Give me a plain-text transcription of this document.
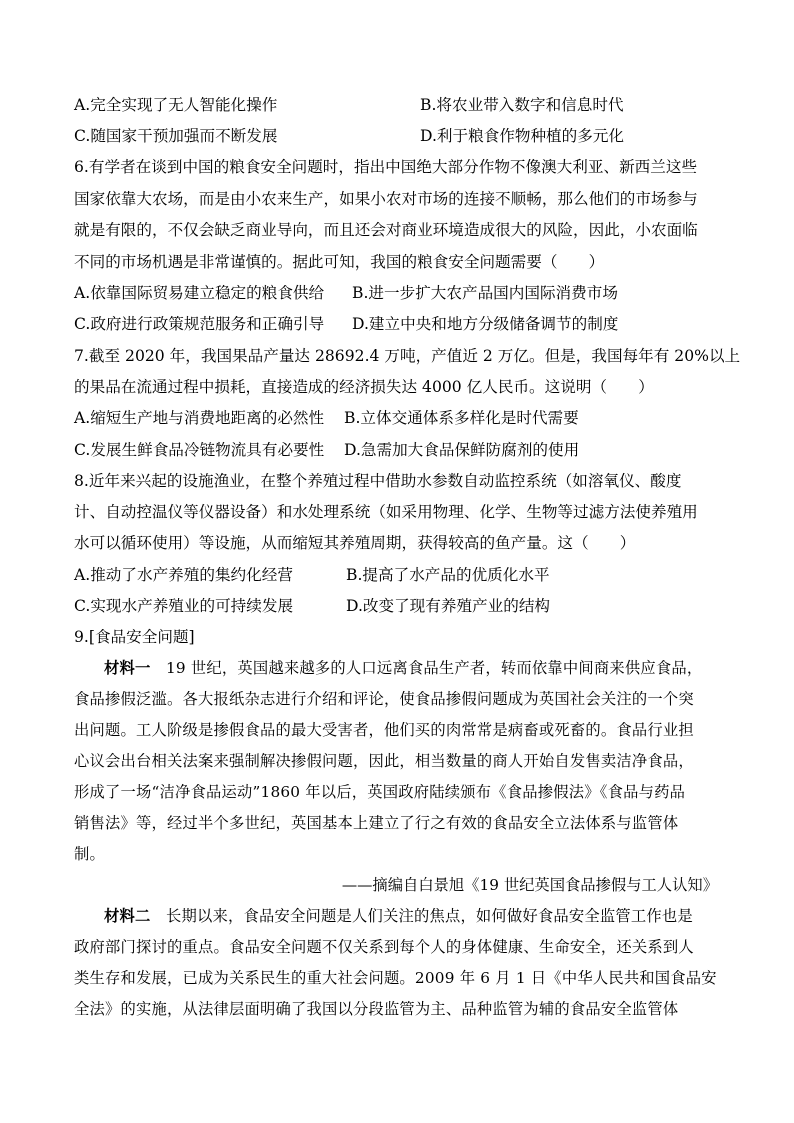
A.完全实现了无人智能化操作	B.将农业带入数字和信息时代
C.随国家干预加强而不断发展	D.利于粮食作物种植的多元化
6.有学者在谈到中国的粮食安全问题时，指出中国绝大部分作物不像澳大利亚、新西兰这些
国家依靠大农场，而是由小农来生产，如果小农对市场的连接不顺畅，那么他们的市场参与
就是有限的，不仅会缺乏商业导向，而且还会对商业环境造成很大的风险，因此，小农面临
不同的市场机遇是非常谨慎的。据此可知，我国的粮食安全问题需要（　　）
A.依靠国际贸易建立稳定的粮食供给 B.进一步扩大农产品国内国际消费市场
C.政府进行政策规范服务和正确引导 D.建立中央和地方分级储备调节的制度
7.截至 2020 年，我国果品产量达 28692.4 万吨，产值近 2 万亿。但是，我国每年有 20%以上
的果品在流通过程中损耗，直接造成的经济损失达 4000 亿人民币。这说明（　　）
A.缩短生产地与消费地距离的必然性 B.立体交通体系多样化是时代需要
C.发展生鲜食品冷链物流具有必要性 D.急需加大食品保鲜防腐剂的使用
8.近年来兴起的设施渔业，在整个养殖过程中借助水参数自动监控系统（如溶氧仪、酸度
计、自动控温仪等仪器设备）和水处理系统（如采用物理、化学、生物等过滤方法使养殖用
水可以循环使用）等设施，从而缩短其养殖周期，获得较高的鱼产量。这（　　）
A.推动了水产养殖的集约化经营	B.提高了水产品的优质化水平
C.实现水产养殖业的可持续发展	D.改变了现有养殖产业的结构
9.[食品安全问题]
材料一　19 世纪，英国越来越多的人口远离食品生产者，转而依靠中间商来供应食品，
食品掺假泛滥。各大报纸杂志进行介绍和评论，使食品掺假问题成为英国社会关注的一个突
出问题。工人阶级是掺假食品的最大受害者，他们买的肉常常是病畜或死畜的。食品行业担
心议会出台相关法案来强制解决掺假问题，因此，相当数量的商人开始自发售卖洁净食品，
形成了一场“洁净食品运动”1860 年以后，英国政府陆续颁布《食品掺假法》《食品与药品
销售法》等，经过半个多世纪，英国基本上建立了行之有效的食品安全立法体系与监管体
制。
——摘编自白景旭《19 世纪英国食品掺假与工人认知》
材料二　长期以来，食品安全问题是人们关注的焦点，如何做好食品安全监管工作也是
政府部门探讨的重点。食品安全问题不仅关系到每个人的身体健康、生命安全，还关系到人
类生存和发展，已成为关系民生的重大社会问题。2009 年 6 月 1 日《中华人民共和国食品安
全法》的实施，从法律层面明确了我国以分段监管为主、品种监管为辅的食品安全监管体
